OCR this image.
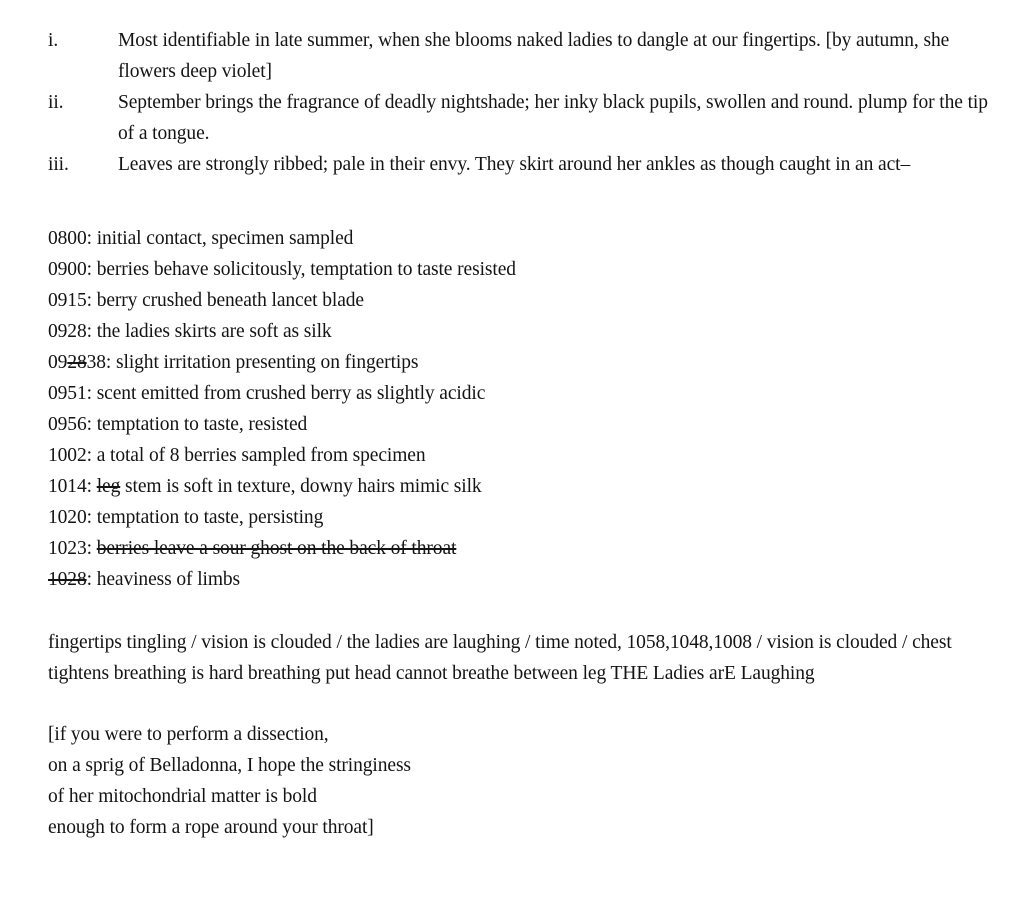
i.	Most identifiable in late summer, when she blooms naked ladies to dangle at our fingertips. [by autumn, she flowers deep violet]
ii.	September brings the fragrance of deadly nightshade; her inky black pupils, swollen and round. plump for the tip of a tongue.
iii.	Leaves are strongly ribbed; pale in their envy. They skirt around her ankles as though caught in an act–
0800: initial contact, specimen sampled
0900: berries behave solicitously, temptation to taste resisted
0915: berry crushed beneath lancet blade
0928: the ladies skirts are soft as silk
092838: slight irritation presenting on fingertips
0951: scent emitted from crushed berry as slightly acidic
0956: temptation to taste, resisted
1002: a total of 8 berries sampled from specimen
1014: leg stem is soft in texture, downy hairs mimic silk
1020: temptation to taste, persisting
1023: berries leave a sour ghost on the back of throat
1028: heaviness of limbs

fingertips tingling / vision is clouded / the ladies are laughing / time noted, 1058,1048,1008 / vision is clouded / chest tightens breathing is hard breathing put head cannot breathe between leg THE Ladies arE Laughing

[if you were to perform a dissection,
on a sprig of Belladonna, I hope the stringiness
of her mitochondrial matter is bold
enough to form a rope around your throat]
